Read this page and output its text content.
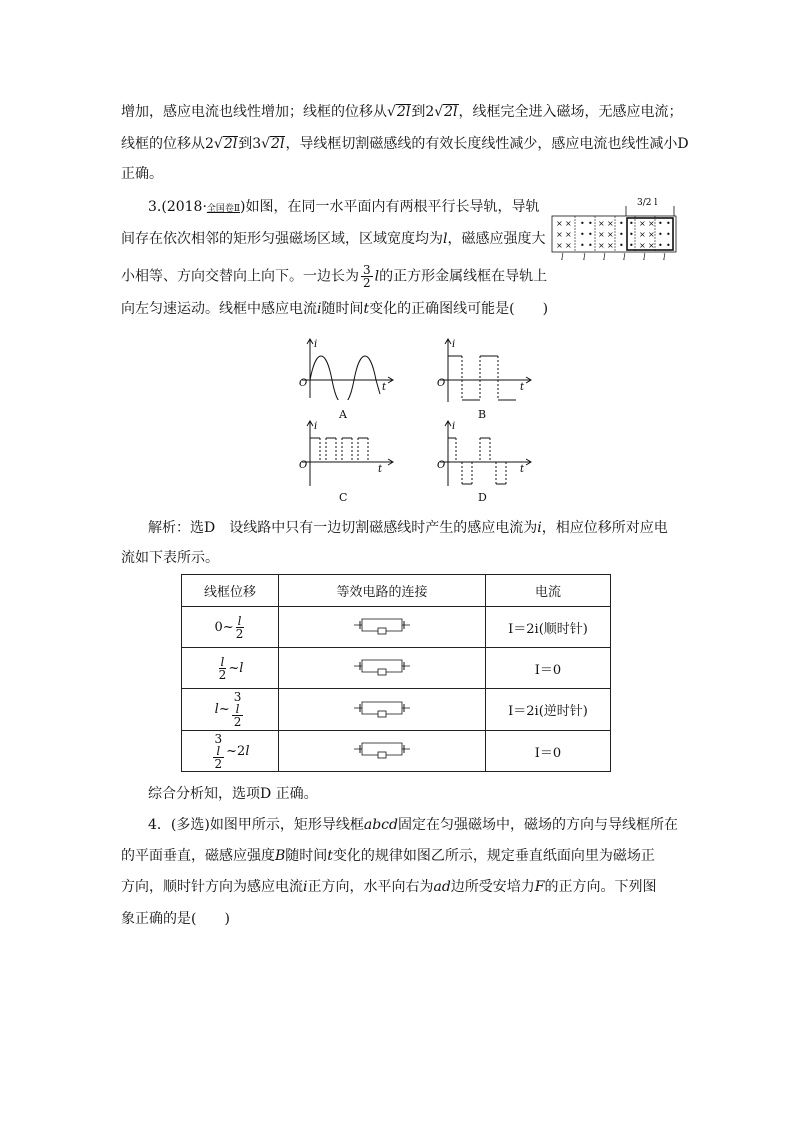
增加，感应电流也线性增加；线框的位移从√2l到2√2l，线框完全进入磁场，无感应电流；
线框的位移从2√2l到3√2l，导线框切割磁感线的有效长度线性减少，感应电流也线性减小D
正确。
3.(2018·全国卷Ⅱ)如图，在同一水平面内有两根平行长导轨，导轨
间存在依次相邻的矩形匀强磁场区域，区域宽度均为l，磁感应强度大
小相等、方向交替向上向下。一边长为 $\frac{3}{2}$ l的正方形金属线框在导轨上
向左匀速运动。线框中感应电流i随时间t变化的正确图线可能是(　　)
3/2 l
× ×
× ×
× ×
• •
• •
• •
× ×
× ×
× ×
• •
• •
• •
× ×
× ×
× ×
• •
• •
• •
l l l l l l
i
O	t
A
i
O	t
B
i
O	t
C
i
O	t
D
解析：选D　设线路中只有一边切割磁感线时产生的感应电流为i，相应位移所对应电
流如下表所示。
线框位移	等效电路的连接	电流
0~ $\frac{l}{2}$		I＝2i(顺时针)

$\frac{l}{2}$ ~ l		I＝0

l ~ 3
l
2		I＝2i(逆时针)

3
l
2 ~2 l		I＝0
综合分析知，选项D 正确。
4．(多选)如图甲所示，矩形导线框abcd固定在匀强磁场中，磁场的方向与导线框所在
的平面垂直，磁感应强度B随时间t变化的规律如图乙所示，规定垂直纸面向里为磁场正
方向，顺时针方向为感应电流i正方向，水平向右为ad边所受安培力F的正方向。下列图
象正确的是(　　)
